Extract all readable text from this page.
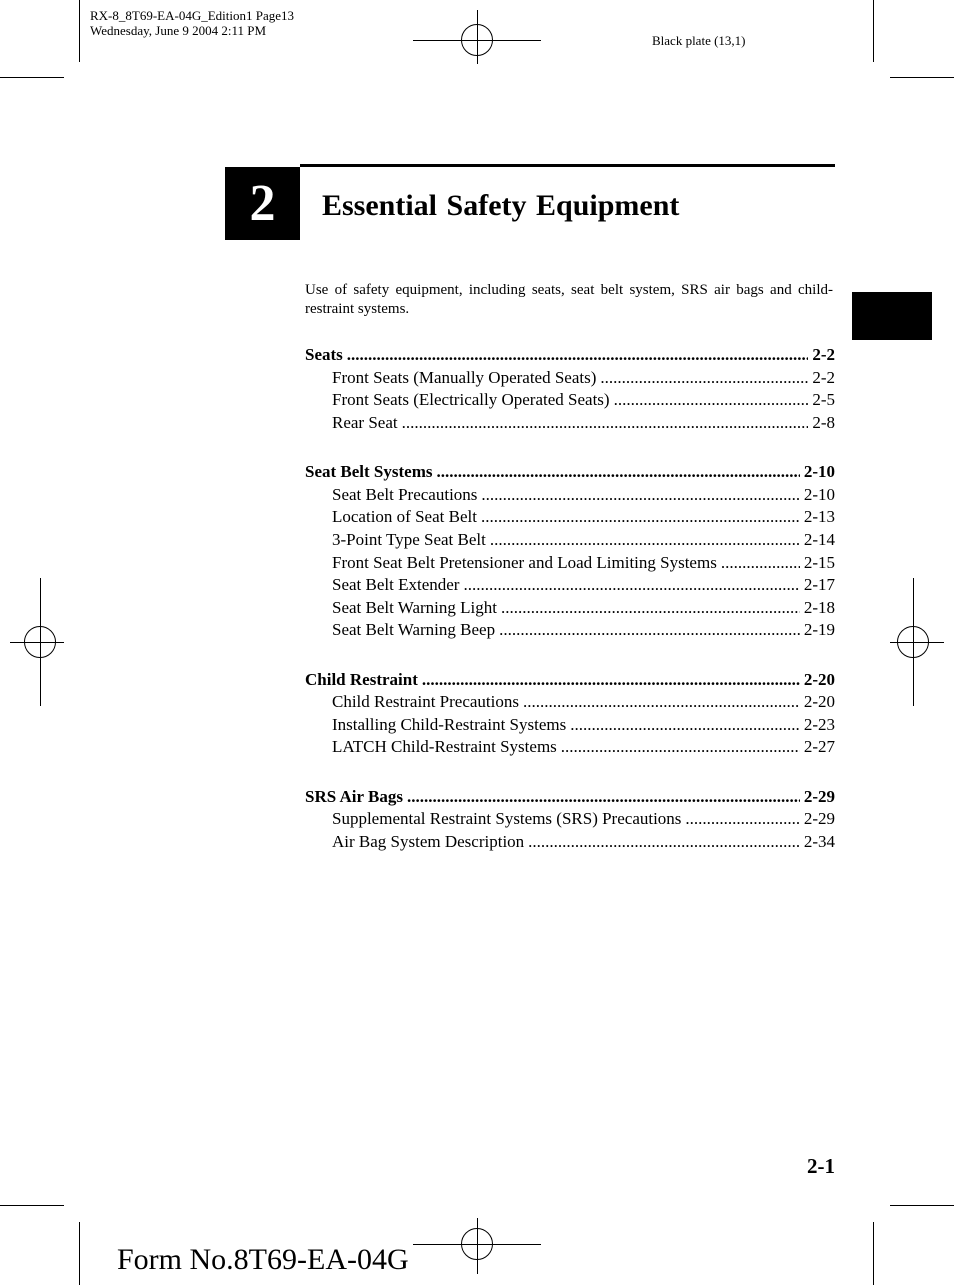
RX-8_8T69-EA-04G_Edition1 Page13
Wednesday, June 9 2004 2:11 PM
Black plate (13,1)
2	Essential Safety Equipment
Use of safety equipment, including seats, seat belt system, SRS air bags and child-restraint systems.
Seats .....	2-2
Front Seats (Manually Operated Seats) .....	2-2
Front Seats (Electrically Operated Seats) .....	2-5
Rear Seat .....	2-8
Seat Belt Systems .....	2-10
Seat Belt Precautions .....	2-10
Location of Seat Belt .....	2-13
3-Point Type Seat Belt .....	2-14
Front Seat Belt Pretensioner and Load Limiting Systems .....	2-15
Seat Belt Extender .....	2-17
Seat Belt Warning Light .....	2-18
Seat Belt Warning Beep .....	2-19
Child Restraint .....	2-20
Child Restraint Precautions .....	2-20
Installing Child-Restraint Systems .....	2-23
LATCH Child-Restraint Systems .....	2-27
SRS Air Bags .....	2-29
Supplemental Restraint Systems (SRS) Precautions .....	2-29
Air Bag System Description .....	2-34
2-1
Form No.8T69-EA-04G
